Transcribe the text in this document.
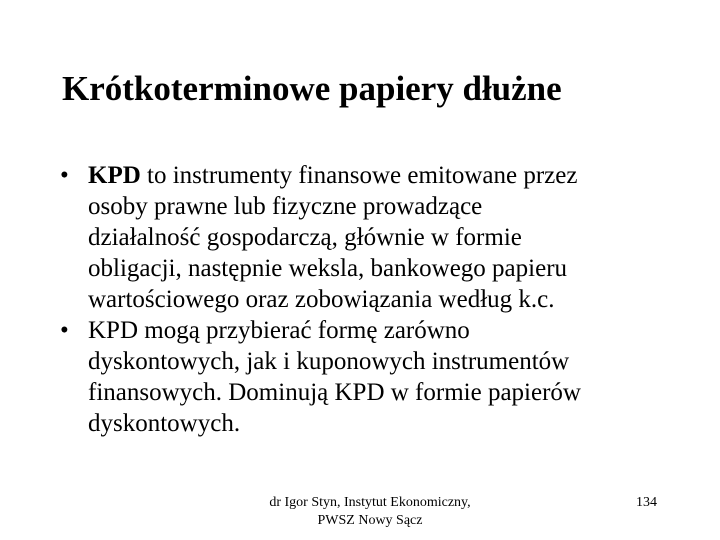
Krótkoterminowe papiery dłużne
• KPD to instrumenty finansowe emitowane przez
osoby prawne lub fizyczne prowadzące
działalność gospodarczą, głównie w formie
obligacji, następnie weksla, bankowego papieru
wartościowego oraz zobowiązania według k.c.
• KPD mogą przybierać formę zarówno
dyskontowych, jak i kuponowych instrumentów
finansowych. Dominują KPD w formie papierów
dyskontowych.
dr Igor Styn, Instytut Ekonomiczny,
PWSZ Nowy Sącz
134
